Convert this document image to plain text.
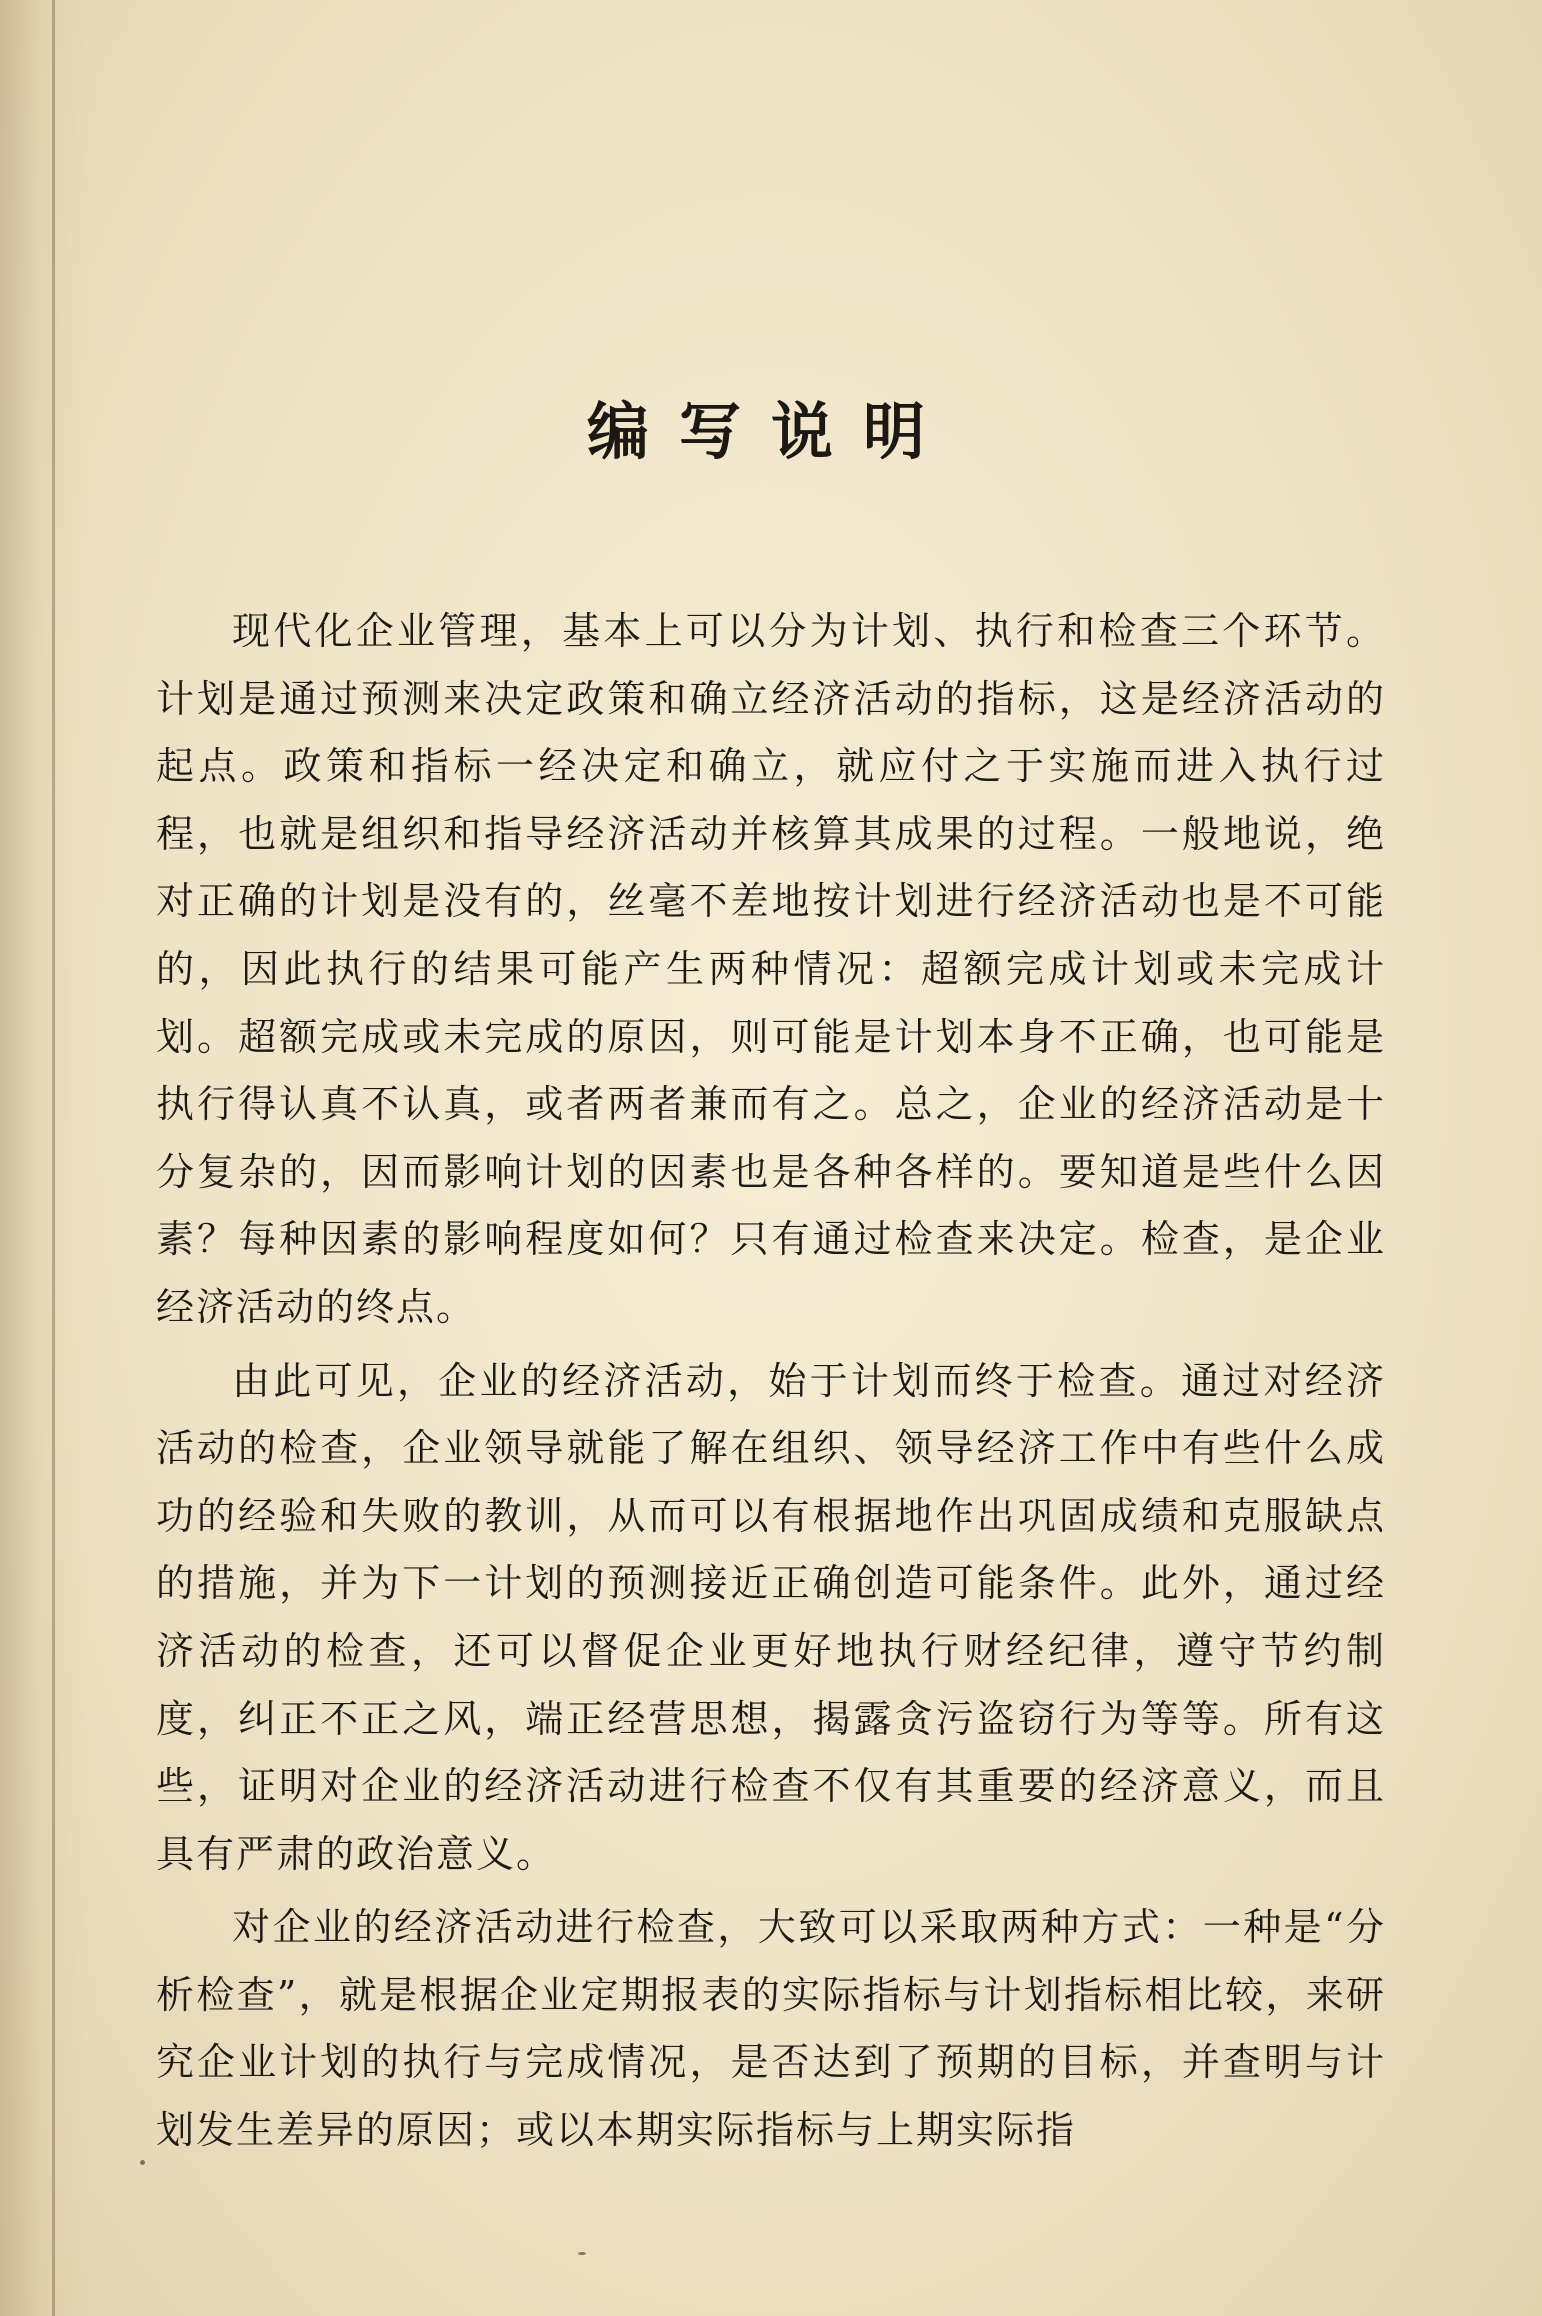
编写说明

现代化企业管理，基本上可以分为计划、执行和检查三个环节。计划是通过预测来决定政策和确立经济活动的指标，这是经济活动的起点。政策和指标一经决定和确立，就应付之于实施而进入执行过程，也就是组织和指导经济活动并核算其成果的过程。一般地说，绝对正确的计划是没有的，丝毫不差地按计划进行经济活动也是不可能的，因此执行的结果可能产生两种情况：超额完成计划或未完成计划。超额完成或未完成的原因，则可能是计划本身不正确，也可能是执行得认真不认真，或者两者兼而有之。总之，企业的经济活动是十分复杂的，因而影响计划的因素也是各种各样的。要知道是些什么因素？每种因素的影响程度如何？只有通过检查来决定。检查，是企业经济活动的终点。

由此可见，企业的经济活动，始于计划而终于检查。通过对经济活动的检查，企业领导就能了解在组织、领导经济工作中有些什么成功的经验和失败的教训，从而可以有根据地作出巩固成绩和克服缺点的措施，并为下一计划的预测接近正确创造可能条件。此外，通过经济活动的检查，还可以督促企业更好地执行财经纪律，遵守节约制度，纠正不正之风，端正经营思想，揭露贪污盗窃行为等等。所有这些，证明对企业的经济活动进行检查不仅有其重要的经济意义，而且具有严肃的政治意义。

对企业的经济活动进行检查，大致可以采取两种方式：一种是“分析检查”，就是根据企业定期报表的实际指标与计划指标相比较，来研究企业计划的执行与完成情况，是否达到了预期的目标，并查明与计划发生差异的原因；或以本期实际指标与上期实际指
